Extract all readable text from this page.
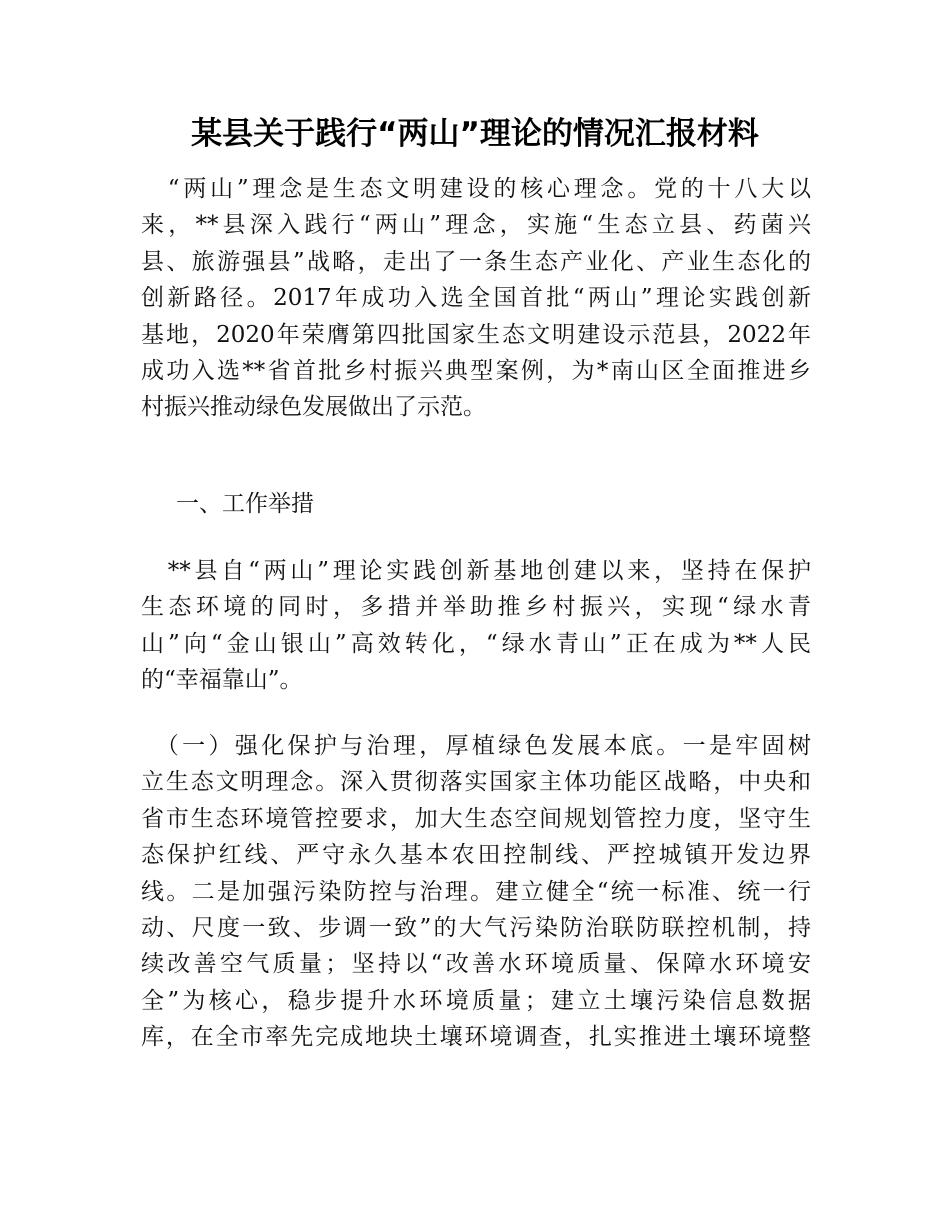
某县关于践行“两山”理论的情况汇报材料
　“两山”理念是生态文明建设的核心理念。党的十八大以
来，**县深入践行“两山”理念，实施“生态立县、药菌兴
县、旅游强县”战略，走出了一条生态产业化、产业生态化的
创新路径。2017年成功入选全国首批“两山”理论实践创新
基地，2020年荣膺第四批国家生态文明建设示范县，2022年
成功入选**省首批乡村振兴典型案例，为*南山区全面推进乡
村振兴推动绿色发展做出了示范。
一、工作举措
　**县自“两山”理论实践创新基地创建以来，坚持在保护
生态环境的同时，多措并举助推乡村振兴，实现“绿水青
山”向“金山银山”高效转化，“绿水青山”正在成为**人民
的“幸福靠山”。
　（一）强化保护与治理，厚植绿色发展本底。一是牢固树
立生态文明理念。深入贯彻落实国家主体功能区战略，中央和
省市生态环境管控要求，加大生态空间规划管控力度，坚守生
态保护红线、严守永久基本农田控制线、严控城镇开发边界
线。二是加强污染防控与治理。建立健全“统一标准、统一行
动、尺度一致、步调一致”的大气污染防治联防联控机制，持
续改善空气质量；坚持以“改善水环境质量、保障水环境安
全”为核心，稳步提升水环境质量；建立土壤污染信息数据
库，在全市率先完成地块土壤环境调查，扎实推进土壤环境整
